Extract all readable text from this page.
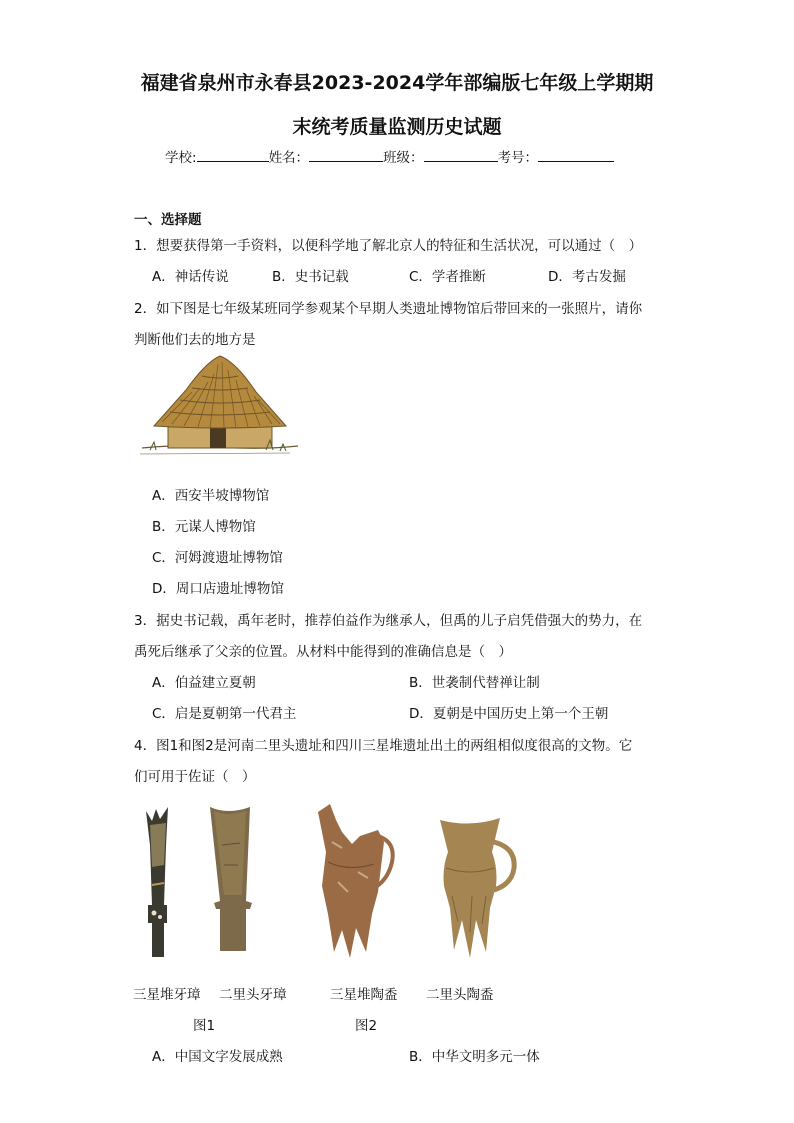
福建省泉州市永春县2023-2024学年部编版七年级上学期期
末统考质量监测历史试题
学校:	姓名：	班级：	考号：
一、选择题
1．想要获得第一手资料，以便科学地了解北京人的特征和生活状况，可以通过（　）
A．神话传说	B．史书记载	C．学者推断	D．考古发掘
2．如下图是七年级某班同学参观某个早期人类遗址博物馆后带回来的一张照片，请你
判断他们去的地方是
A．西安半坡博物馆
B．元谋人博物馆
C．河姆渡遗址博物馆
D．周口店遗址博物馆
3．据史书记载，禹年老时，推荐伯益作为继承人，但禹的儿子启凭借强大的势力，在
禹死后继承了父亲的位置。从材料中能得到的准确信息是（　）
A．伯益建立夏朝	B．世袭制代替禅让制
C．启是夏朝第一代君主	D．夏朝是中国历史上第一个王朝
4．图1和图2是河南二里头遗址和四川三星堆遗址出土的两组相似度很高的文物。它
们可用于佐证（　）
三星堆牙璋 二里头牙璋	三星堆陶盉 二里头陶盉
图1	图2
A．中国文字发展成熟	B．中华文明多元一体
